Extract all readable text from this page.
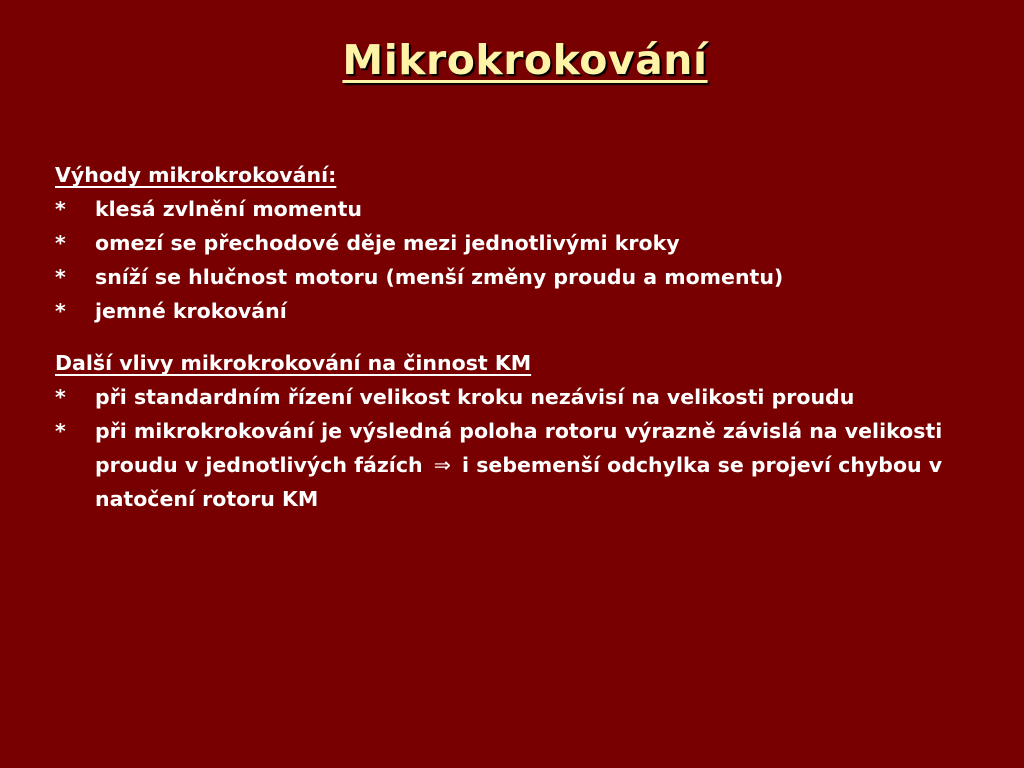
Mikrokrokování
Výhody mikrokrokování:
* klesá zvlnění momentu
* omezí se přechodové děje mezi jednotlivými kroky
* sníží se hlučnost motoru (menší změny proudu a momentu)
* jemné krokování
Další vlivy mikrokrokování na činnost KM
* při standardním řízení velikost kroku nezávisí na velikosti proudu
* při mikrokrokování je výsledná poloha rotoru výrazně závislá na velikosti proudu v jednotlivých fázích ⇒ i sebemenší odchylka se projeví chybou v natočení rotoru KM
